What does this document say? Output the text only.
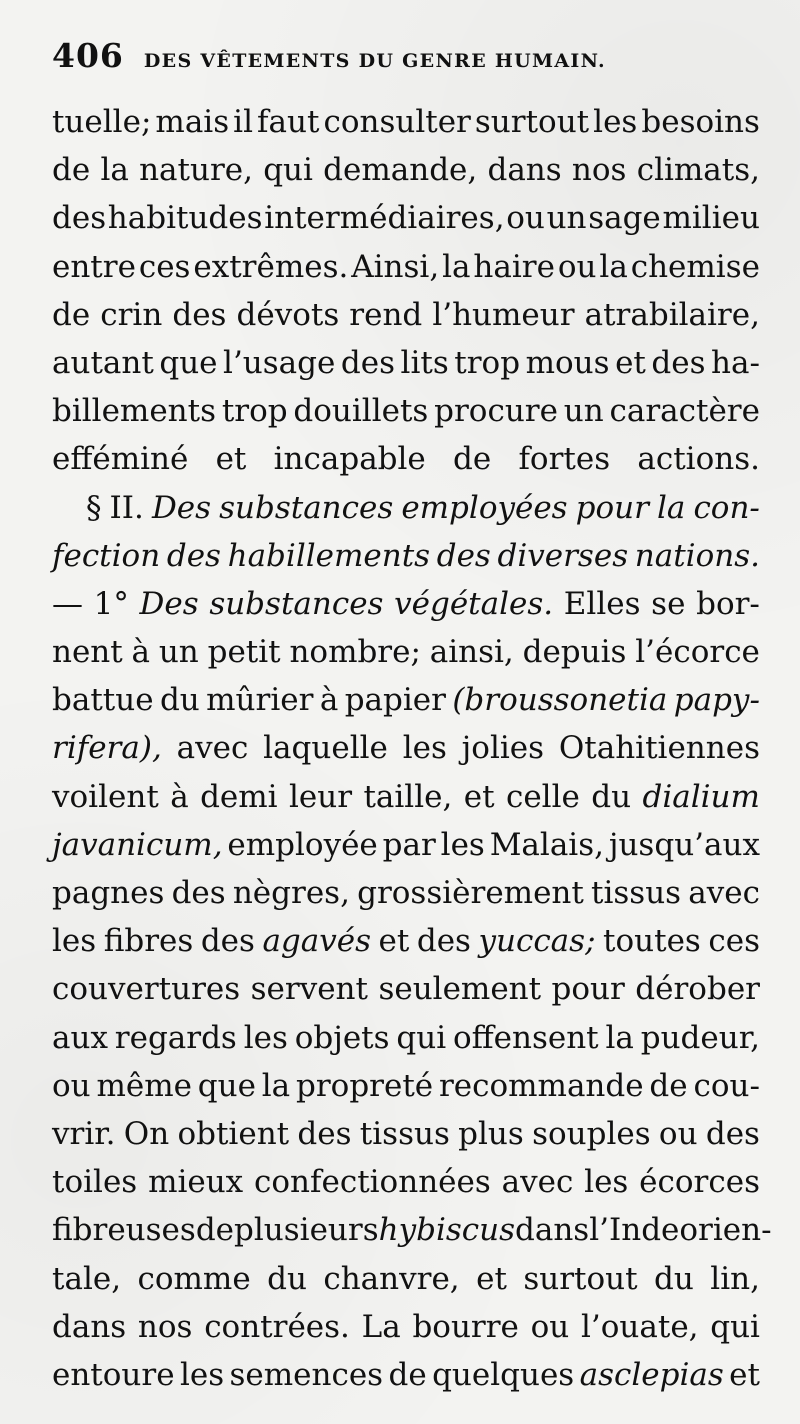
406 DES VÊTEMENTS DU GENRE HUMAIN.
tuelle; mais il faut consulter surtout les besoins
de la nature, qui demande, dans nos climats,
des habitudes intermédiaires, ou un sage milieu
entre ces extrêmes. Ainsi, la haire ou la chemise
de crin des dévots rend l’humeur atrabilaire,
autant que l’usage des lits trop mous et des ha-
billements trop douillets procure un caractère
efféminé et incapable de fortes actions.
§ II. Des substances employées pour la con-
fection des habillements des diverses nations.
— 1° Des substances végétales. Elles se bor-
nent à un petit nombre; ainsi, depuis l’écorce
battue du mûrier à papier (broussonetia papy-
rifera), avec laquelle les jolies Otahitiennes
voilent à demi leur taille, et celle du dialium
javanicum, employée par les Malais, jusqu’aux
pagnes des nègres, grossièrement tissus avec
les fibres des agavés et des yuccas; toutes ces
couvertures servent seulement pour dérober
aux regards les objets qui offensent la pudeur,
ou même que la propreté recommande de cou-
vrir. On obtient des tissus plus souples ou des
toiles mieux confectionnées avec les écorces
fibreuses de plusieurs hybiscus dans l’Inde orien-
tale, comme du chanvre, et surtout du lin,
dans nos contrées. La bourre ou l’ouate, qui
entoure les semences de quelques asclepias et
